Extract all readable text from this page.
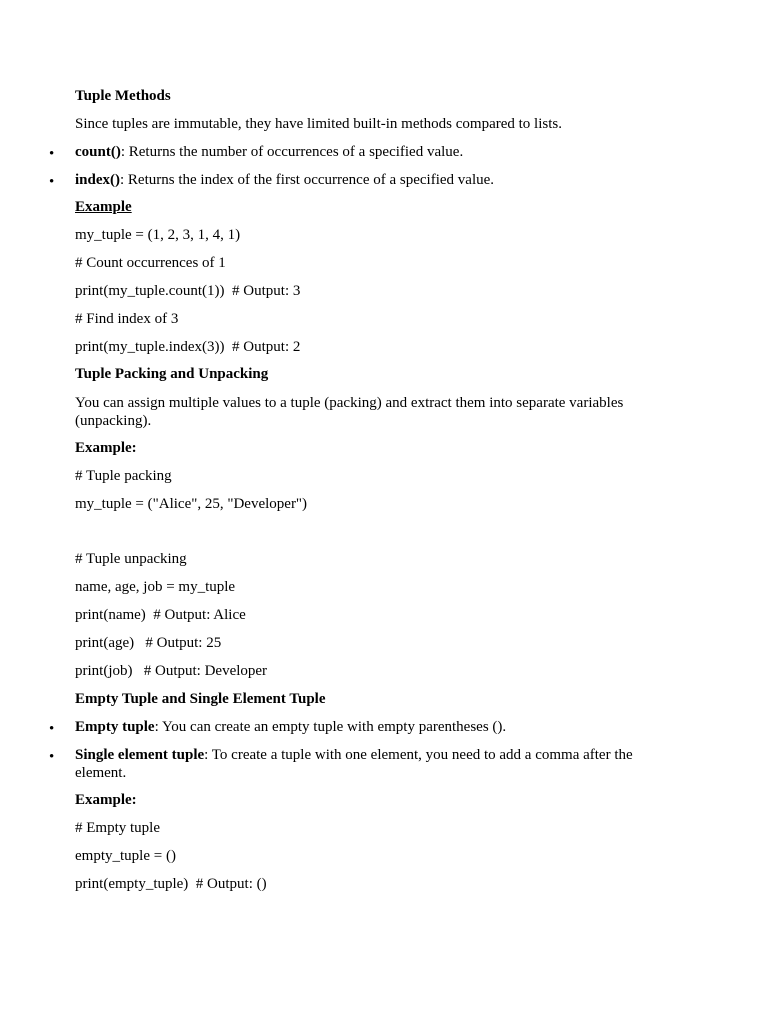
Tuple Methods
Since tuples are immutable, they have limited built-in methods compared to lists.
•	count(): Returns the number of occurrences of a specified value.
•	index(): Returns the index of the first occurrence of a specified value.
Example
my_tuple = (1, 2, 3, 1, 4, 1)
# Count occurrences of 1
print(my_tuple.count(1))  # Output: 3
# Find index of 3
print(my_tuple.index(3))  # Output: 2
Tuple Packing and Unpacking
You can assign multiple values to a tuple (packing) and extract them into separate variables (unpacking).
Example:
# Tuple packing
my_tuple = ("Alice", 25, "Developer")
# Tuple unpacking
name, age, job = my_tuple
print(name)  # Output: Alice
print(age)   # Output: 25
print(job)   # Output: Developer
Empty Tuple and Single Element Tuple
•	Empty tuple: You can create an empty tuple with empty parentheses ().
•	Single element tuple: To create a tuple with one element, you need to add a comma after the element.
Example:
# Empty tuple
empty_tuple = ()
print(empty_tuple)  # Output: ()
